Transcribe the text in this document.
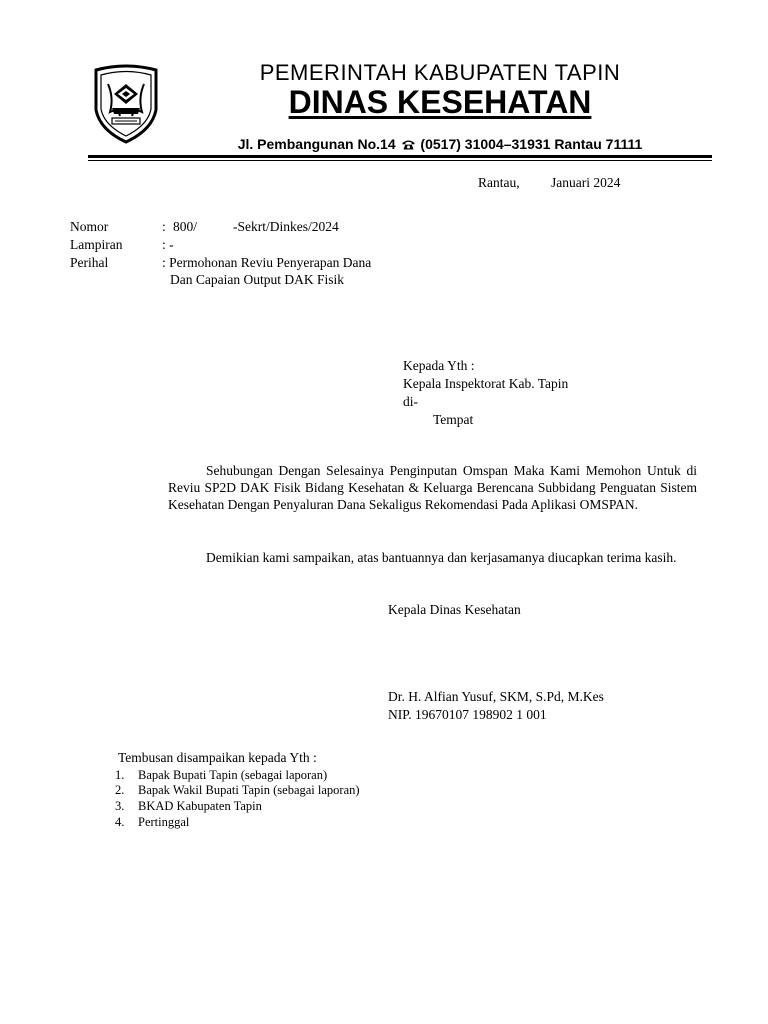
PEMERINTAH KABUPATEN TAPIN
DINAS KESEHATAN
Jl. Pembangunan No.14 (0517) 31004–31931 Rantau 71111
Rantau, Januari 2024
Nomor	: 800/	-Sekrt/Dinkes/2024
Lampiran	: -
Perihal	: Permohonan Reviu Penyerapan Dana
Dan Capaian Output DAK Fisik
Kepada Yth :
Kepala Inspektorat Kab. Tapin
di-
Tempat
Sehubungan Dengan Selesainya Penginputan Omspan Maka Kami Memohon Untuk di Reviu SP2D DAK Fisik Bidang Kesehatan & Keluarga Berencana Subbidang Penguatan Sistem Kesehatan Dengan Penyaluran Dana Sekaligus Rekomendasi Pada Aplikasi OMSPAN.
Demikian kami sampaikan, atas bantuannya dan kerjasamanya diucapkan terima kasih.
Kepala Dinas Kesehatan
Dr. H. Alfian Yusuf, SKM, S.Pd, M.Kes
NIP. 19670107 198902 1 001
Tembusan disampaikan kepada Yth :
1. Bapak Bupati Tapin (sebagai laporan)
2. Bapak Wakil Bupati Tapin (sebagai laporan)
3. BKAD Kabupaten Tapin
4. Pertinggal
